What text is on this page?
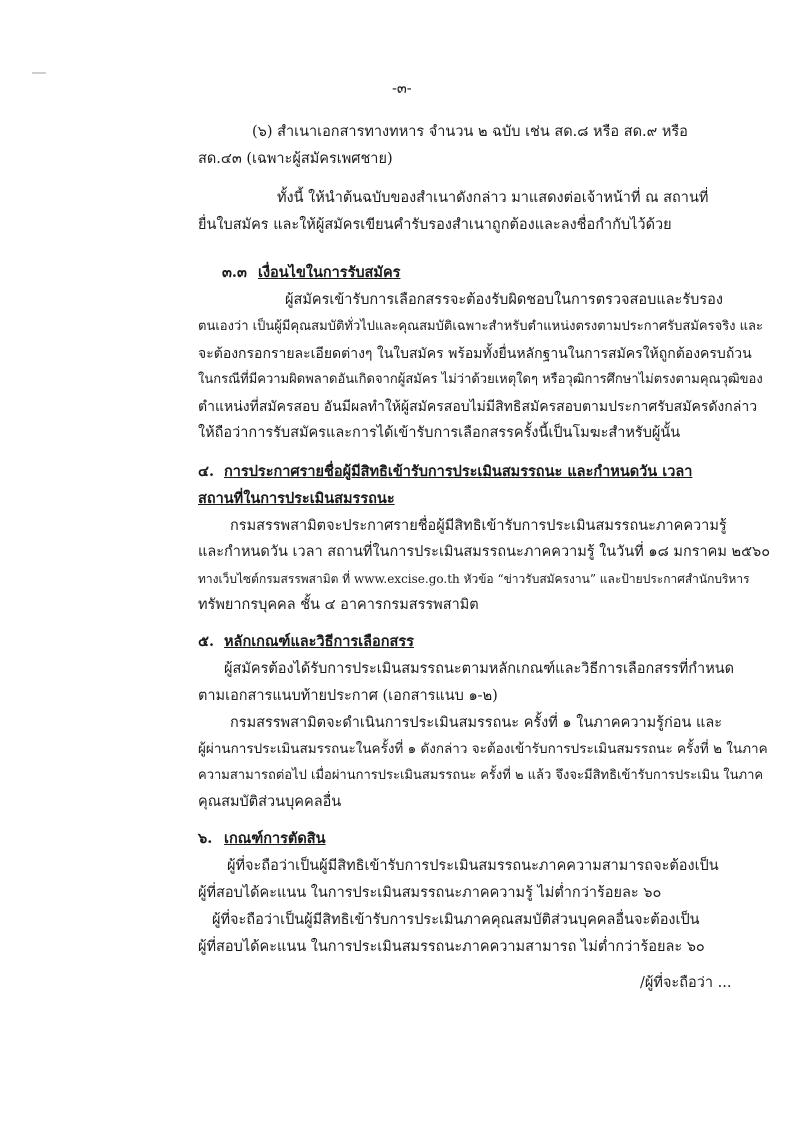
-๓-
(๖) สำเนาเอกสารทางทหาร จำนวน ๒ ฉบับ เช่น สด.๘ หรือ สด.๙ หรือ
สด.๔๓ (เฉพาะผู้สมัครเพศชาย)
ทั้งนี้ ให้นำต้นฉบับของสำเนาดังกล่าว มาแสดงต่อเจ้าหน้าที่ ณ สถานที่
ยื่นใบสมัคร และให้ผู้สมัครเขียนคำรับรองสำเนาถูกต้องและลงชื่อกำกับไว้ด้วย
๓.๓ เงื่อนไขในการรับสมัคร
ผู้สมัครเข้ารับการเลือกสรรจะต้องรับผิดชอบในการตรวจสอบและรับรอง
ตนเองว่า เป็นผู้มีคุณสมบัติทั่วไปและคุณสมบัติเฉพาะสำหรับตำแหน่งตรงตามประกาศรับสมัครจริง และ
จะต้องกรอกรายละเอียดต่างๆ ในใบสมัคร พร้อมทั้งยื่นหลักฐานในการสมัครให้ถูกต้องครบถ้วน
ในกรณีที่มีความผิดพลาดอันเกิดจากผู้สมัคร ไม่ว่าด้วยเหตุใดๆ หรือวุฒิการศึกษาไม่ตรงตามคุณวุฒิของ
ตำแหน่งที่สมัครสอบ อันมีผลทำให้ผู้สมัครสอบไม่มีสิทธิสมัครสอบตามประกาศรับสมัครดังกล่าว
ให้ถือว่าการรับสมัครและการได้เข้ารับการเลือกสรรครั้งนี้เป็นโมฆะสำหรับผู้นั้น
๔. การประกาศรายชื่อผู้มีสิทธิเข้ารับการประเมินสมรรถนะ และกำหนดวัน เวลา
สถานที่ในการประเมินสมรรถนะ
กรมสรรพสามิตจะประกาศรายชื่อผู้มีสิทธิเข้ารับการประเมินสมรรถนะภาคความรู้
และกำหนดวัน เวลา สถานที่ในการประเมินสมรรถนะภาคความรู้ ในวันที่ ๑๘ มกราคม ๒๕๖๐
ทางเว็บไซต์กรมสรรพสามิต ที่ www.excise.go.th หัวข้อ “ข่าวรับสมัครงาน” และป้ายประกาศสำนักบริหาร
ทรัพยากรบุคคล ชั้น ๔ อาคารกรมสรรพสามิต
๕. หลักเกณฑ์และวิธีการเลือกสรร
ผู้สมัครต้องได้รับการประเมินสมรรถนะตามหลักเกณฑ์และวิธีการเลือกสรรที่กำหนด
ตามเอกสารแนบท้ายประกาศ (เอกสารแนบ ๑-๒)
กรมสรรพสามิตจะดำเนินการประเมินสมรรถนะ ครั้งที่ ๑ ในภาคความรู้ก่อน และ
ผู้ผ่านการประเมินสมรรถนะในครั้งที่ ๑ ดังกล่าว จะต้องเข้ารับการประเมินสมรรถนะ ครั้งที่ ๒ ในภาค
ความสามารถต่อไป เมื่อผ่านการประเมินสมรรถนะ ครั้งที่ ๒ แล้ว จึงจะมีสิทธิเข้ารับการประเมิน ในภาค
คุณสมบัติส่วนบุคคลอื่น
๖. เกณฑ์การตัดสิน
ผู้ที่จะถือว่าเป็นผู้มีสิทธิเข้ารับการประเมินสมรรถนะภาคความสามารถจะต้องเป็น
ผู้ที่สอบได้คะแนน ในการประเมินสมรรถนะภาคความรู้ ไม่ต่ำกว่าร้อยละ ๖๐
ผู้ที่จะถือว่าเป็นผู้มีสิทธิเข้ารับการประเมินภาคคุณสมบัติส่วนบุคคลอื่นจะต้องเป็น
ผู้ที่สอบได้คะแนน ในการประเมินสมรรถนะภาคความสามารถ ไม่ต่ำกว่าร้อยละ ๖๐
/ผู้ที่จะถือว่า ...
